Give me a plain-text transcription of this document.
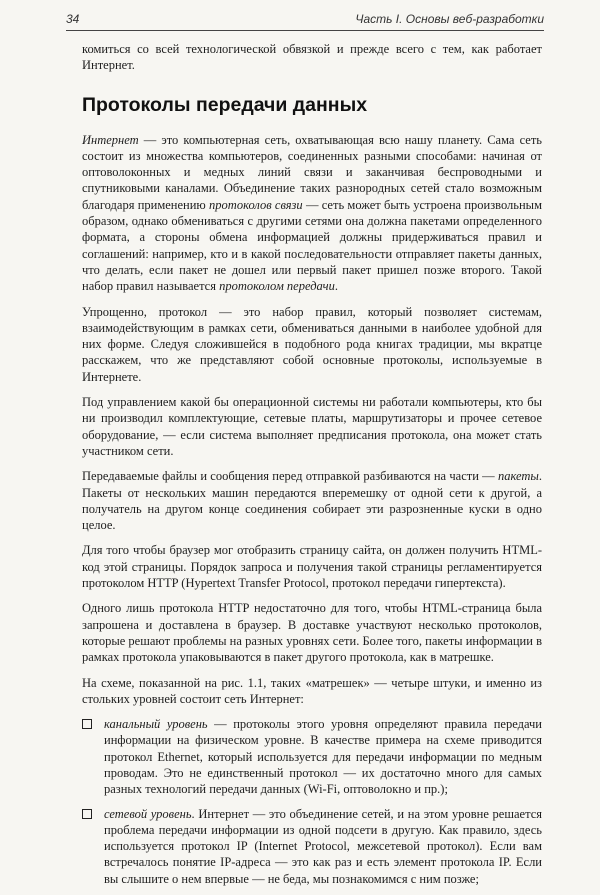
34	Часть I. Основы веб-разработки

комиться со всей технологической обвязкой и прежде всего с тем, как работает Интернет.

Протоколы передачи данных

Интернет — это компьютерная сеть, охватывающая всю нашу планету. Сама сеть состоит из множества компьютеров, соединенных разными способами: начиная от оптоволоконных и медных линий связи и заканчивая беспроводными и спутниковыми каналами. Объединение таких разнородных сетей стало возможным благодаря применению протоколов связи — сеть может быть устроена произвольным образом, однако обмениваться с другими сетями она должна пакетами определенного формата, а стороны обмена информацией должны придерживаться правил и соглашений: например, кто и в какой последовательности отправляет пакеты данных, что делать, если пакет не дошел или первый пакет пришел позже второго. Такой набор правил называется протоколом передачи.

Упрощенно, протокол — это набор правил, который позволяет системам, взаимодействующим в рамках сети, обмениваться данными в наиболее удобной для них форме. Следуя сложившейся в подобного рода книгах традиции, мы вкратце расскажем, что же представляют собой основные протоколы, используемые в Интернете.

Под управлением какой бы операционной системы ни работали компьютеры, кто бы ни производил комплектующие, сетевые платы, маршрутизаторы и прочее сетевое оборудование, — если система выполняет предписания протокола, она может стать участником сети.

Передаваемые файлы и сообщения перед отправкой разбиваются на части — пакеты. Пакеты от нескольких машин передаются вперемешку от одной сети к другой, а получатель на другом конце соединения собирает эти разрозненные куски в одно целое.

Для того чтобы браузер мог отобразить страницу сайта, он должен получить HTML-код этой страницы. Порядок запроса и получения такой страницы регламентируется протоколом HTTP (Hypertext Transfer Protocol, протокол передачи гипертекста).

Одного лишь протокола HTTP недостаточно для того, чтобы HTML-страница была запрошена и доставлена в браузер. В доставке участвуют несколько протоколов, которые решают проблемы на разных уровнях сети. Более того, пакеты информации в рамках протокола упаковываются в пакет другого протокола, как в матрешке.

На схеме, показанной на рис. 1.1, таких «матрешек» — четыре штуки, и именно из стольких уровней состоит сеть Интернет:

канальный уровень — протоколы этого уровня определяют правила передачи информации на физическом уровне. В качестве примера на схеме приводится протокол Ethernet, который используется для передачи информации по медным проводам. Это не единственный протокол — их достаточно много для самых разных технологий передачи данных (Wi-Fi, оптоволокно и пр.);

сетевой уровень. Интернет — это объединение сетей, и на этом уровне решается проблема передачи информации из одной подсети в другую. Как правило, здесь используется протокол IP (Internet Protocol, межсетевой протокол). Если вам встречалось понятие IP-адреса — это как раз и есть элемент протокола IP. Если вы слышите о нем впервые — не беда, мы познакомимся с ним позже;
